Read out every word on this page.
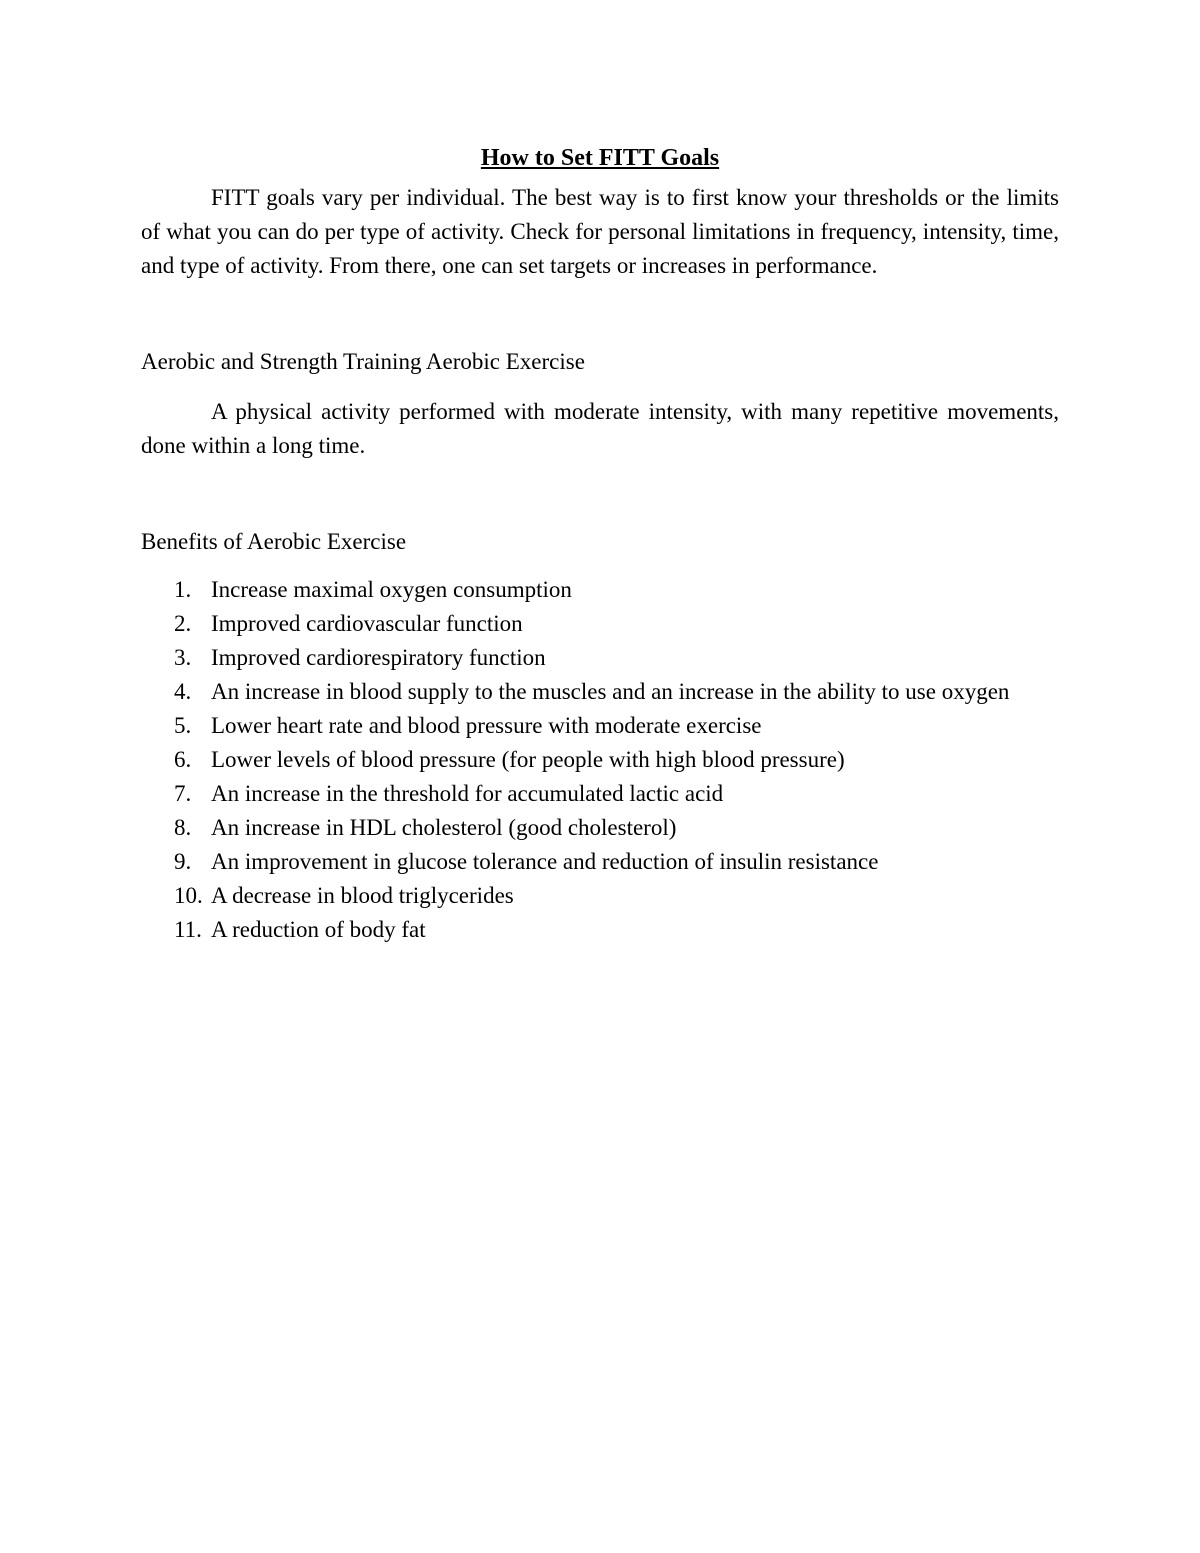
How to Set FITT Goals

FITT goals vary per individual. The best way is to first know your thresholds or the limits of what you can do per type of activity. Check for personal limitations in frequency, intensity, time, and type of activity. From there, one can set targets or increases in performance.

Aerobic and Strength Training Aerobic Exercise

A physical activity performed with moderate intensity, with many repetitive movements, done within a long time.

Benefits of Aerobic Exercise

1. Increase maximal oxygen consumption
2. Improved cardiovascular function
3. Improved cardiorespiratory function
4. An increase in blood supply to the muscles and an increase in the ability to use oxygen
5. Lower heart rate and blood pressure with moderate exercise
6. Lower levels of blood pressure (for people with high blood pressure)
7. An increase in the threshold for accumulated lactic acid
8. An increase in HDL cholesterol (good cholesterol)
9. An improvement in glucose tolerance and reduction of insulin resistance
10. A decrease in blood triglycerides
11. A reduction of body fat
